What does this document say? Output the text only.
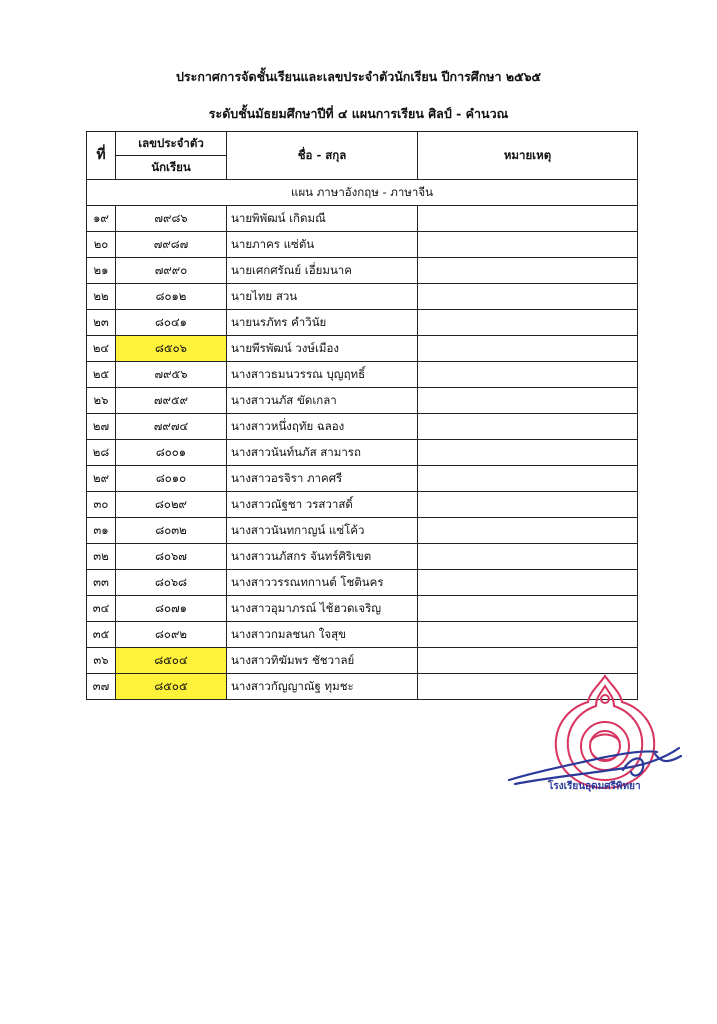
ประกาศการจัดชั้นเรียนและเลขประจำตัวนักเรียน ปีการศึกษา ๒๕๖๕
ระดับชั้นมัธยมศึกษาปีที่ ๔ แผนการเรียน ศิลป์ - คำนวณ
ที่	เลขประจำตัว	ชื่อ - สกุล	หมายเหตุ
	นักเรียน		
แผน ภาษาอังกฤษ - ภาษาจีน			
๑๙	๗๙๘๖	นายพิพัฒน์ เกิดมณี	
๒๐	๗๙๘๗	นายภาคร แซ่ตัน	
๒๑	๗๙๙๐	นายเศกศรัณย์ เอี่ยมนาค	
๒๒	๘๐๑๒	นายไทย สวน	
๒๓	๘๐๔๑	นายนรภัทร คำวินัย	
๒๔	๘๕๐๖	นายพีรพัฒน์ วงษ์เมือง	
๒๕	๗๙๕๖	นางสาวธมนวรรณ บุญฤทธิ์	
๒๖	๗๙๕๙	นางสาวนภัส ขัดเกลา	
๒๗	๗๙๗๔	นางสาวหนึ่งฤทัย ฉลอง	
๒๘	๘๐๐๑	นางสาวนันท์นภัส สามารถ	
๒๙	๘๐๑๐	นางสาวอรจิรา ภาคศรี	
๓๐	๘๐๒๙	นางสาวณัฐชา วรสวาสดิ์	
๓๑	๘๐๓๒	นางสาวนันทกาญน์ แซ่โค้ว	
๓๒	๘๐๖๗	นางสาวนภัสกร จันทร์ศิริเขต	
๓๓	๘๐๖๘	นางสาววรรณทกานต์ โชตินคร	
๓๔	๘๐๗๑	นางสาวอุมาภรณ์ ไช้ฮวดเจริญ	
๓๕	๘๐๙๒	นางสาวกมลชนก ใจสุข	
๓๖	๘๕๐๔	นางสาวทิฆัมพร ชัชวาลย์	
๓๗	๘๕๐๕	นางสาวกัญญาณัฐ ทุมชะ	
โรงเรียนอุดมศรีพิทยา
